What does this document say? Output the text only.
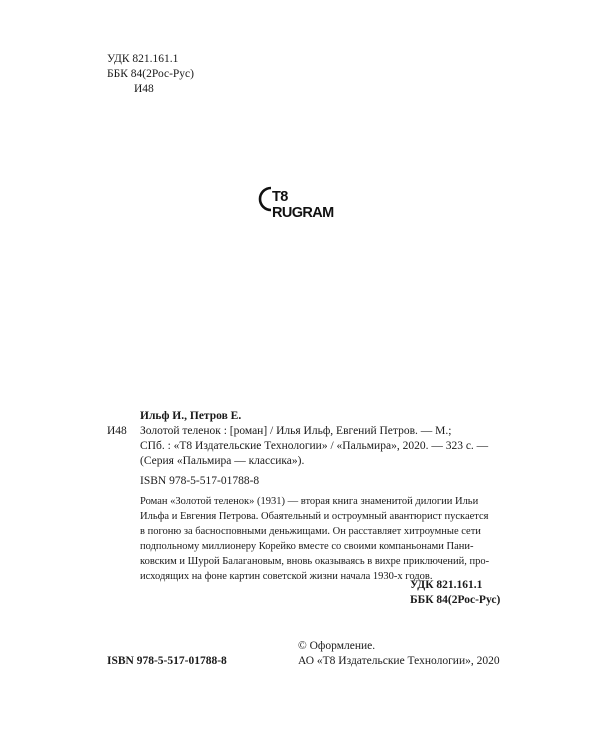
УДК 821.161.1
ББК 84(2Рос-Рус)
И48
T8 RUGRAM
Ильф И., Петров Е.
И48 Золотой теленок : [роман] / Илья Ильф, Евгений Петров. — М.;
СПб. : «Т8 Издательские Технологии» / «Пальмира», 2020. — 323 с. —
(Серия «Пальмира — классика»).
ISBN 978-5-517-01788-8
Роман «Золотой теленок» (1931) — вторая книга знаменитой дилогии Ильи
Ильфа и Евгения Петрова. Обаятельный и остроумный авантюрист пускается
в погоню за басносповными деньжищами. Он расставляет хитроумные сети
подпольному миллионеру Корейко вместе со своими компаньонами Пани-
ковским и Шурой Балагановым, вновь оказываясь в вихре приключений, про-
исходящих на фоне картин советской жизни начала 1930-х годов.
УДК 821.161.1
ББК 84(2Рос-Рус)
© Оформление.
ISBN 978-5-517-01788-8	АО «Т8 Издательские Технологии», 2020
